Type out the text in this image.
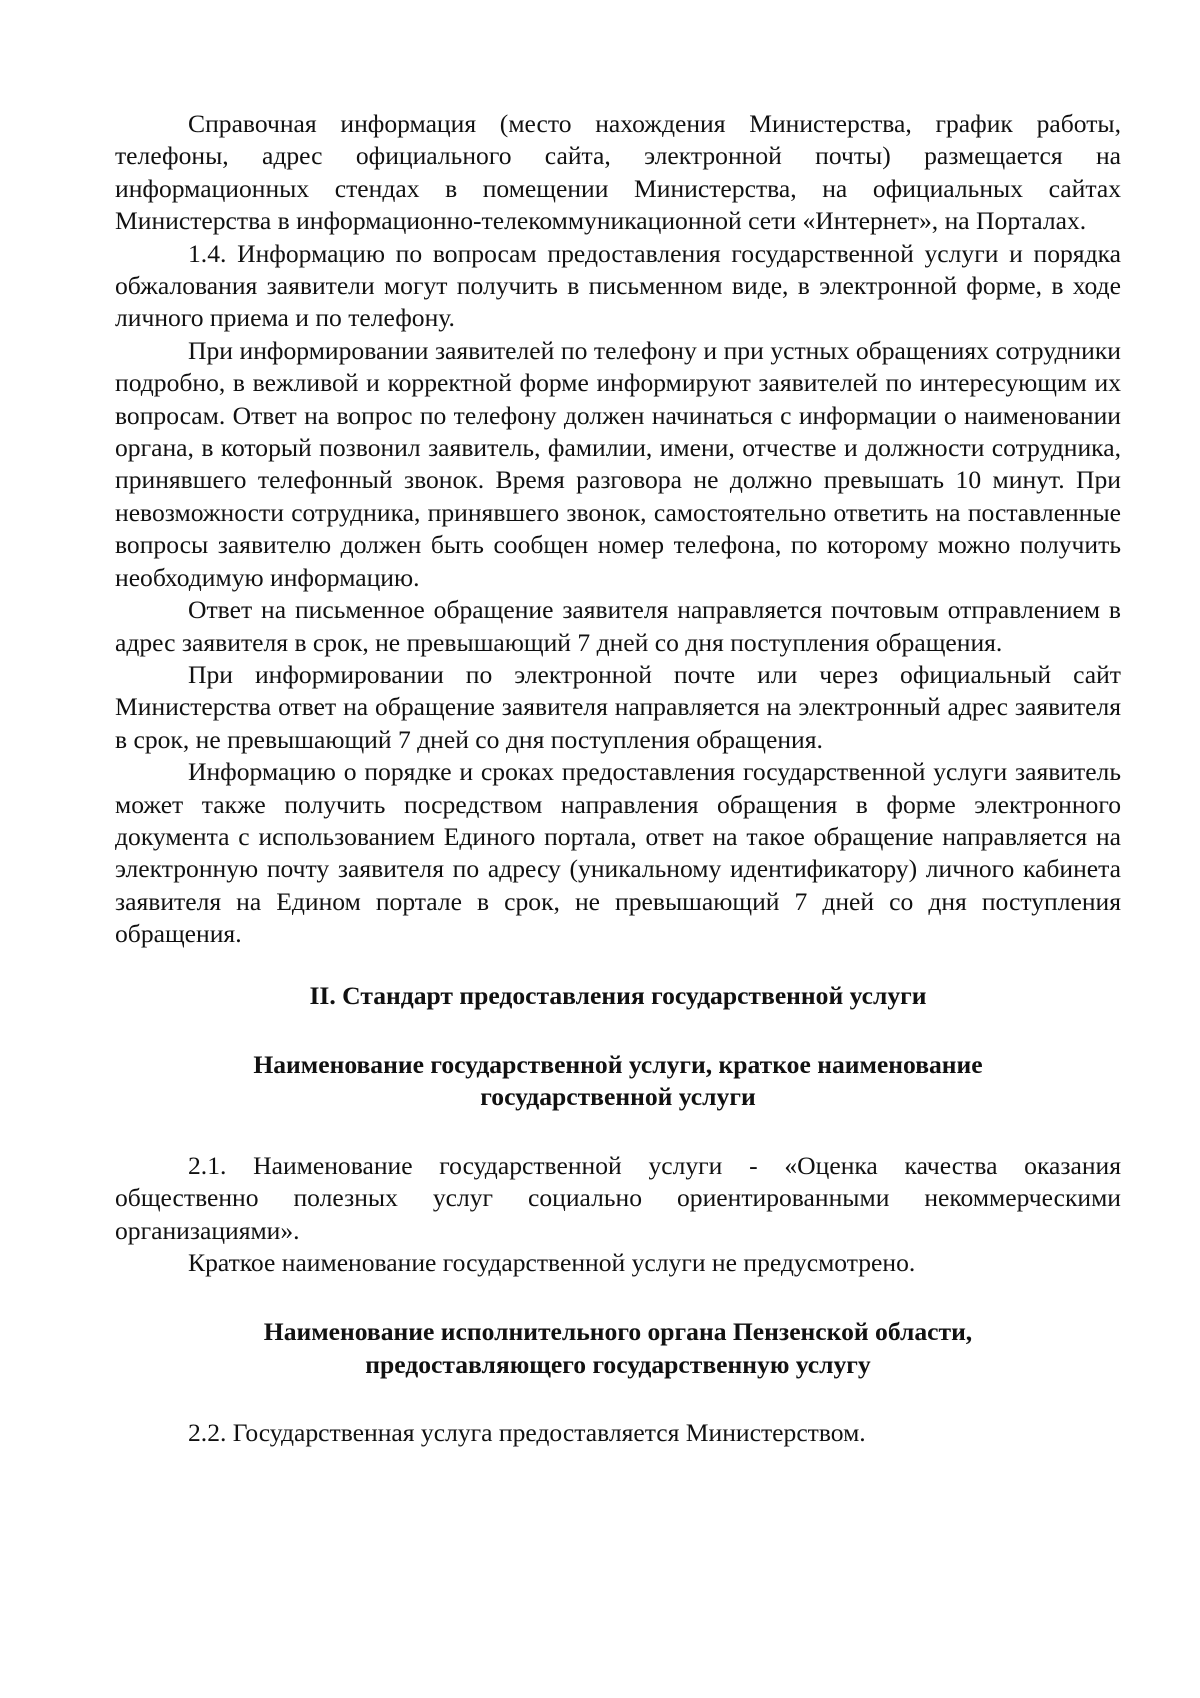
Справочная информация (место нахождения Министерства, график работы, телефоны, адрес официального сайта, электронной почты) размещается на информационных стендах в помещении Министерства, на официальных сайтах Министерства в информационно-телекоммуникационной сети «Интернет», на Порталах.

1.4. Информацию по вопросам предоставления государственной услуги и порядка обжалования заявители могут получить в письменном виде, в электронной форме, в ходе личного приема и по телефону.

При информировании заявителей по телефону и при устных обращениях сотрудники подробно, в вежливой и корректной форме информируют заявителей по интересующим их вопросам. Ответ на вопрос по телефону должен начинаться с информации о наименовании органа, в который позвонил заявитель, фамилии, имени, отчестве и должности сотрудника, принявшего телефонный звонок. Время разговора не должно превышать 10 минут. При невозможности сотрудника, принявшего звонок, самостоятельно ответить на поставленные вопросы заявителю должен быть сообщен номер телефона, по которому можно получить необходимую информацию.

Ответ на письменное обращение заявителя направляется почтовым отправлением в адрес заявителя в срок, не превышающий 7 дней со дня поступления обращения.

При информировании по электронной почте или через официальный сайт Министерства ответ на обращение заявителя направляется на электронный адрес заявителя в срок, не превышающий 7 дней со дня поступления обращения.

Информацию о порядке и сроках предоставления государственной услуги заявитель может также получить посредством направления обращения в форме электронного документа с использованием Единого портала, ответ на такое обращение направляется на электронную почту заявителя по адресу (уникальному идентификатору) личного кабинета заявителя на Едином портале в срок, не превышающий 7 дней со дня поступления обращения.

II. Стандарт предоставления государственной услуги

Наименование государственной услуги, краткое наименование
государственной услуги

2.1. Наименование государственной услуги - «Оценка качества оказания общественно полезных услуг социально ориентированными некоммерческими организациями».

Краткое наименование государственной услуги не предусмотрено.

Наименование исполнительного органа Пензенской области,
предоставляющего государственную услугу

2.2. Государственная услуга предоставляется Министерством.
